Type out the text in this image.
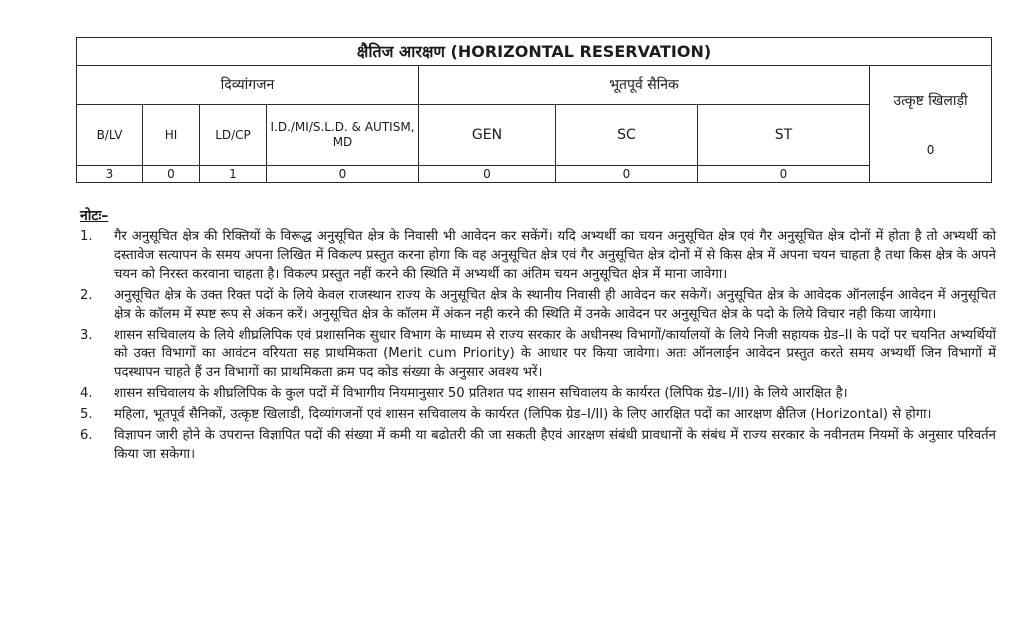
क्षैतिज आरक्षण (HORIZONTAL RESERVATION)							
दिव्यांगजन				भूतपूर्व सैनिक			उत्कृष्ट खिलाड़ी
0

B/LV	HI	LD/CP	I.D./MI/S.L.D. & AUTISM, MD	GEN	SC	ST	
3	0	1	0	0	0	0	

नोटः–

1.	गैर अनुसूचित क्षेत्र की रिक्तियों के विरूद्ध अनुसूचित क्षेत्र के निवासी भी आवेदन कर सकेंगें। यदि अभ्यर्थी का चयन अनुसूचित क्षेत्र एवं गैर अनुसूचित क्षेत्र दोनों में होता है तो अभ्यर्थी को दस्तावेज सत्यापन के समय अपना लिखित में विकल्प प्रस्तुत करना होगा कि वह अनुसूचित क्षेत्र एवं गैर अनुसूचित क्षेत्र दोनों में से किस क्षेत्र में अपना चयन चाहता है तथा किस क्षेत्र के अपने चयन को निरस्त करवाना चाहता है। विकल्प प्रस्तुत नहीं करने की स्थिति में अभ्यर्थी का अंतिम चयन अनुसूचित क्षेत्र में माना जावेगा।
2.	अनुसूचित क्षेत्र के उक्त रिक्त पदों के लिये केवल राजस्थान राज्य के अनुसूचित क्षेत्र के स्थानीय निवासी ही आवेदन कर सकेगें। अनुसूचित क्षेत्र के आवेदक ऑनलाईन आवेदन में अनुसूचित क्षेत्र के कॉलम में स्पष्ट रूप से अंकन करें। अनुसूचित क्षेत्र के कॉलम में अंकन नही करने की स्थिति में उनके आवेदन पर अनुसूचित क्षेत्र के पदो के लिये विचार नही किया जायेगा।
3.	शासन सचिवालय के लिये शीघ्रलिपिक एवं प्रशासनिक सुधार विभाग के माध्यम से राज्य सरकार के अधीनस्थ विभागों/कार्यालयों के लिये निजी सहायक ग्रेड–II के पदों पर चयनित अभ्यर्थियों को उक्त विभागों का आवंटन वरियता सह प्राथमिकता (Merit cum Priority) के आधार पर किया जावेगा। अतः ऑनलाईन आवेदन प्रस्तुत करते समय अभ्यर्थी जिन विभागों में पदस्थापन चाहते हैं उन विभागों का प्राथमिकता क्रम पद कोड संख्या के अनुसार अवश्य भरें।
4.	शासन सचिवालय के शीघ्रलिपिक के कुल पदों में विभागीय नियमानुसार 50 प्रतिशत पद शासन सचिवालय के कार्यरत (लिपिक ग्रेड–I/II) के लिये आरक्षित है।
5.	महिला, भूतपूर्व सैनिकों, उत्कृष्ट खिलाडी, दिव्यांगजनों एवं शासन सचिवालय के कार्यरत (लिपिक ग्रेड–I/II) के लिए आरक्षित पदों का आरक्षण क्षैतिज (Horizontal) से होगा।
6.	विज्ञापन जारी होने के उपरान्त विज्ञापित पदों की संख्या में कमी या बढोतरी की जा सकती हैएवं आरक्षण संबंधी प्रावधानों के संबंध में राज्य सरकार के नवीनतम नियमों के अनुसार परिवर्तन किया जा सकेगा।
